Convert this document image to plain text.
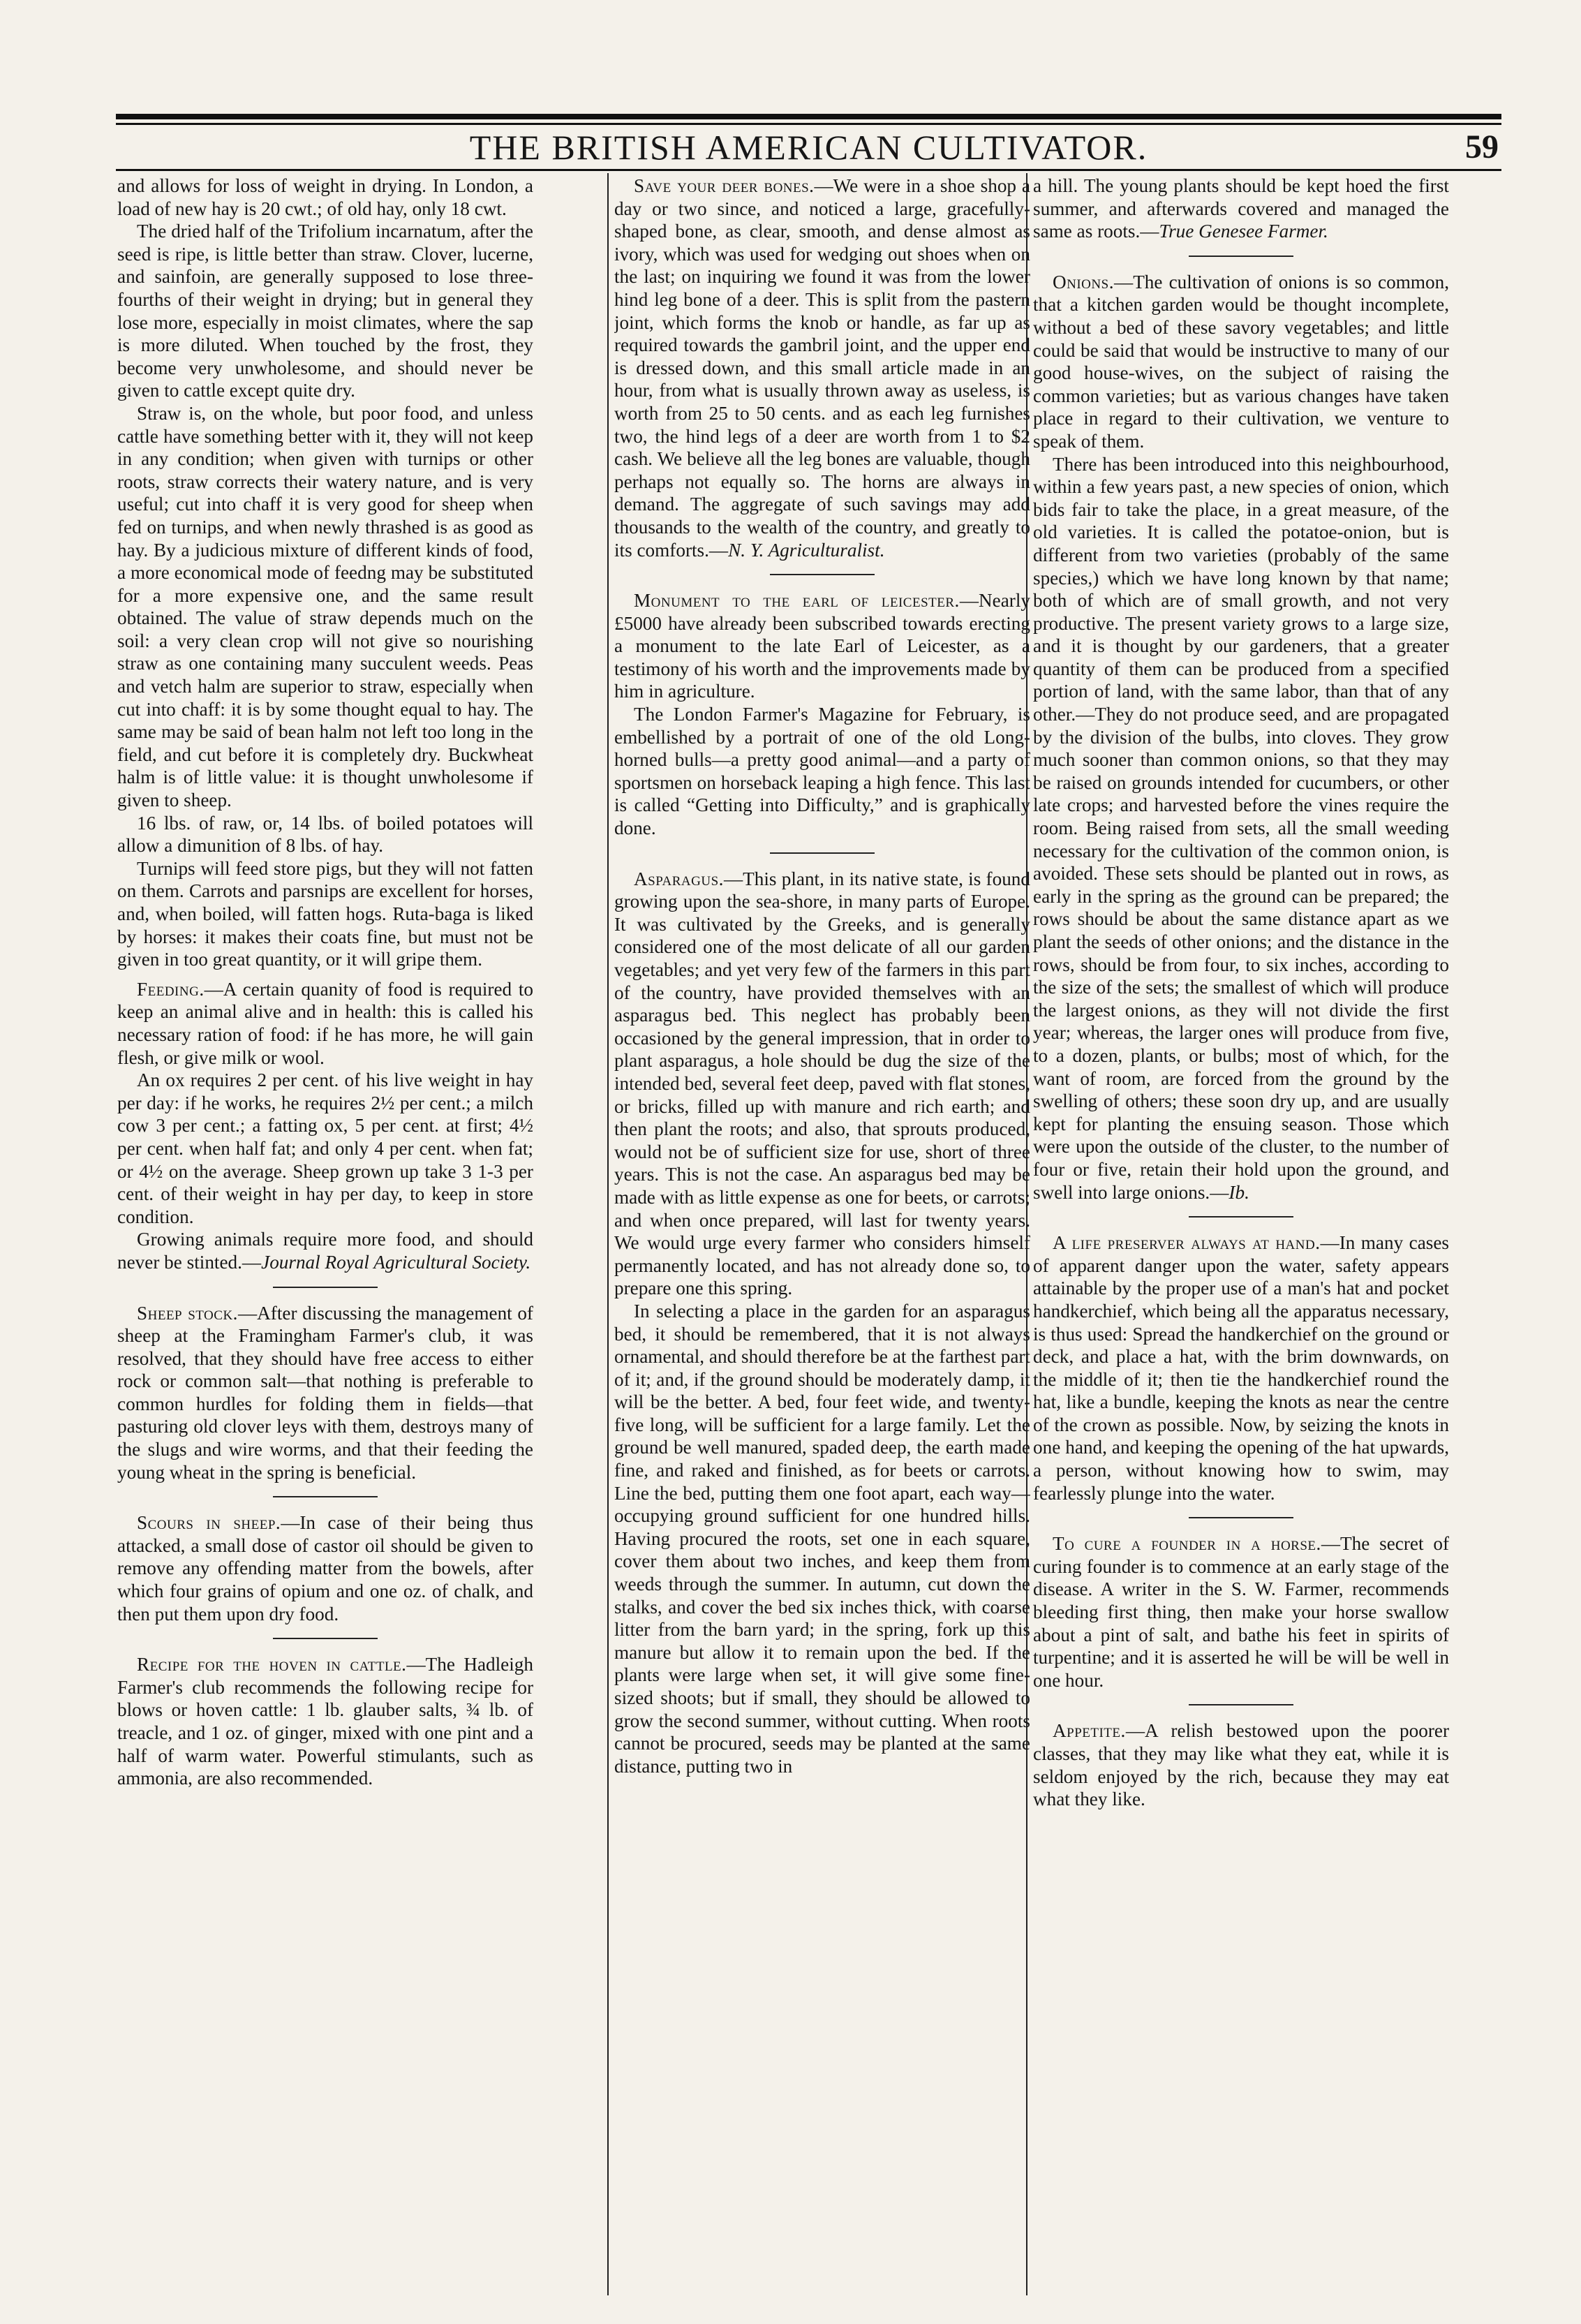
THE BRITISH AMERICAN CULTIVATOR.	59

and allows for loss of weight in drying. In London, a load of new hay is 20 cwt.; of old hay, only 18 cwt.

The dried half of the Trifolium incarnatum, after the seed is ripe, is little better than straw. Clover, lucerne, and sainfoin, are generally supposed to lose three-fourths of their weight in drying; but in general they lose more, especially in moist climates, where the sap is more diluted. When touched by the frost, they become very unwholesome, and should never be given to cattle except quite dry.

Straw is, on the whole, but poor food, and unless cattle have something better with it, they will not keep in any condition; when given with turnips or other roots, straw corrects their watery nature, and is very useful; cut into chaff it is very good for sheep when fed on turnips, and when newly thrashed is as good as hay. By a judicious mixture of different kinds of food, a more economical mode of feedng may be substituted for a more expensive one, and the same result obtained. The value of straw depends much on the soil: a very clean crop will not give so nourishing straw as one containing many succulent weeds. Peas and vetch halm are superior to straw, especially when cut into chaff: it is by some thought equal to hay. The same may be said of bean halm not left too long in the field, and cut before it is completely dry. Buckwheat halm is of little value: it is thought unwholesome if given to sheep.

16 lbs. of raw, or, 14 lbs. of boiled potatoes will allow a dimunition of 8 lbs. of hay.

Turnips will feed store pigs, but they will not fatten on them. Carrots and parsnips are excellent for horses, and, when boiled, will fatten hogs. Ruta-baga is liked by horses: it makes their coats fine, but must not be given in too great quantity, or it will gripe them.

Feeding.—A certain quanity of food is required to keep an animal alive and in health: this is called his necessary ration of food: if he has more, he will gain flesh, or give milk or wool.

An ox requires 2 per cent. of his live weight in hay per day: if he works, he requires 2½ per cent.; a milch cow 3 per cent.; a fatting ox, 5 per cent. at first; 4½ per cent. when half fat; and only 4 per cent. when fat; or 4½ on the average. Sheep grown up take 3 1-3 per cent. of their weight in hay per day, to keep in store condition.

Growing animals require more food, and should never be stinted.—Journal Royal Agricultural Society.

Sheep stock.—After discussing the management of sheep at the Framingham Farmer's club, it was resolved, that they should have free access to either rock or common salt—that nothing is preferable to common hurdles for folding them in fields—that pasturing old clover leys with them, destroys many of the slugs and wire worms, and that their feeding the young wheat in the spring is beneficial.

Scours in sheep.—In case of their being thus attacked, a small dose of castor oil should be given to remove any offending matter from the bowels, after which four grains of opium and one oz. of chalk, and then put them upon dry food.

Recipe for the hoven in cattle.—The Hadleigh Farmer's club recommends the following recipe for blows or hoven cattle: 1 lb. glauber salts, ¾ lb. of treacle, and 1 oz. of ginger, mixed with one pint and a half of warm water. Powerful stimulants, such as ammonia, are also recommended.

Save your deer bones.—We were in a shoe shop a day or two since, and noticed a large, gracefully-shaped bone, as clear, smooth, and dense almost as ivory, which was used for wedging out shoes when on the last; on inquiring we found it was from the lower hind leg bone of a deer. This is split from the pastern joint, which forms the knob or handle, as far up as required towards the gambril joint, and the upper end is dressed down, and this small article made in an hour, from what is usually thrown away as useless, is worth from 25 to 50 cents. and as each leg furnishes two, the hind legs of a deer are worth from 1 to $2 cash. We believe all the leg bones are valuable, though perhaps not equally so. The horns are always in demand. The aggregate of such savings may add thousands to the wealth of the country, and greatly to its comforts.—N. Y. Agriculturalist.

Monument to the earl of leicester.—Nearly £5000 have already been subscribed towards erecting a monument to the late Earl of Leicester, as a testimony of his worth and the improvements made by him in agriculture.

The London Farmer's Magazine for February, is embellished by a portrait of one of the old Long-horned bulls—a pretty good animal—and a party of sportsmen on horseback leaping a high fence. This last is called “Getting into Difficulty,” and is graphically done.

Asparagus.—This plant, in its native state, is found growing upon the sea-shore, in many parts of Europe. It was cultivated by the Greeks, and is generally considered one of the most delicate of all our garden vegetables; and yet very few of the farmers in this part of the country, have provided themselves with an asparagus bed. This neglect has probably been occasioned by the general impression, that in order to plant asparagus, a hole should be dug the size of the intended bed, several feet deep, paved with flat stones, or bricks, filled up with manure and rich earth; and then plant the roots; and also, that sprouts produced, would not be of sufficient size for use, short of three years. This is not the case. An asparagus bed may be made with as little expense as one for beets, or carrots; and when once prepared, will last for twenty years. We would urge every farmer who considers himself permanently located, and has not already done so, to prepare one this spring.

In selecting a place in the garden for an asparagus bed, it should be remembered, that it is not always ornamental, and should therefore be at the farthest part of it; and, if the ground should be moderately damp, it will be the better. A bed, four feet wide, and twenty-five long, will be sufficient for a large family. Let the ground be well manured, spaded deep, the earth made fine, and raked and finished, as for beets or carrots. Line the bed, putting them one foot apart, each way—occupying ground sufficient for one hundred hills. Having procured the roots, set one in each square, cover them about two inches, and keep them from weeds through the summer. In autumn, cut down the stalks, and cover the bed six inches thick, with coarse litter from the barn yard; in the spring, fork up this manure but allow it to remain upon the bed. If the plants were large when set, it will give some fine-sized shoots; but if small, they should be allowed to grow the second summer, without cutting. When roots cannot be procured, seeds may be planted at the same distance, putting two in

a hill. The young plants should be kept hoed the first summer, and afterwards covered and managed the same as roots.—True Genesee Farmer.

Onions.—The cultivation of onions is so common, that a kitchen garden would be thought incomplete, without a bed of these savory vegetables; and little could be said that would be instructive to many of our good house-wives, on the subject of raising the common varieties; but as various changes have taken place in regard to their cultivation, we venture to speak of them.

There has been introduced into this neighbourhood, within a few years past, a new species of onion, which bids fair to take the place, in a great measure, of the old varieties. It is called the potatoe-onion, but is different from two varieties (probably of the same species,) which we have long known by that name; both of which are of small growth, and not very productive. The present variety grows to a large size, and it is thought by our gardeners, that a greater quantity of them can be produced from a specified portion of land, with the same labor, than that of any other.—They do not produce seed, and are propagated by the division of the bulbs, into cloves. They grow much sooner than common onions, so that they may be raised on grounds intended for cucumbers, or other late crops; and harvested before the vines require the room. Being raised from sets, all the small weeding necessary for the cultivation of the common onion, is avoided. These sets should be planted out in rows, as early in the spring as the ground can be prepared; the rows should be about the same distance apart as we plant the seeds of other onions; and the distance in the rows, should be from four, to six inches, according to the size of the sets; the smallest of which will produce the largest onions, as they will not divide the first year; whereas, the larger ones will produce from five, to a dozen, plants, or bulbs; most of which, for the want of room, are forced from the ground by the swelling of others; these soon dry up, and are usually kept for planting the ensuing season. Those which were upon the outside of the cluster, to the number of four or five, retain their hold upon the ground, and swell into large onions.—Ib.

A life preserver always at hand.—In many cases of apparent danger upon the water, safety appears attainable by the proper use of a man's hat and pocket handkerchief, which being all the apparatus necessary, is thus used: Spread the handkerchief on the ground or deck, and place a hat, with the brim downwards, on the middle of it; then tie the handkerchief round the hat, like a bundle, keeping the knots as near the centre of the crown as possible. Now, by seizing the knots in one hand, and keeping the opening of the hat upwards, a person, without knowing how to swim, may fearlessly plunge into the water.

To cure a founder in a horse.—The secret of curing founder is to commence at an early stage of the disease. A writer in the S. W. Farmer, recommends bleeding first thing, then make your horse swallow about a pint of salt, and bathe his feet in spirits of turpentine; and it is asserted he will be will be well in one hour.

Appetite.—A relish bestowed upon the poorer classes, that they may like what they eat, while it is seldom enjoyed by the rich, because they may eat what they like.
